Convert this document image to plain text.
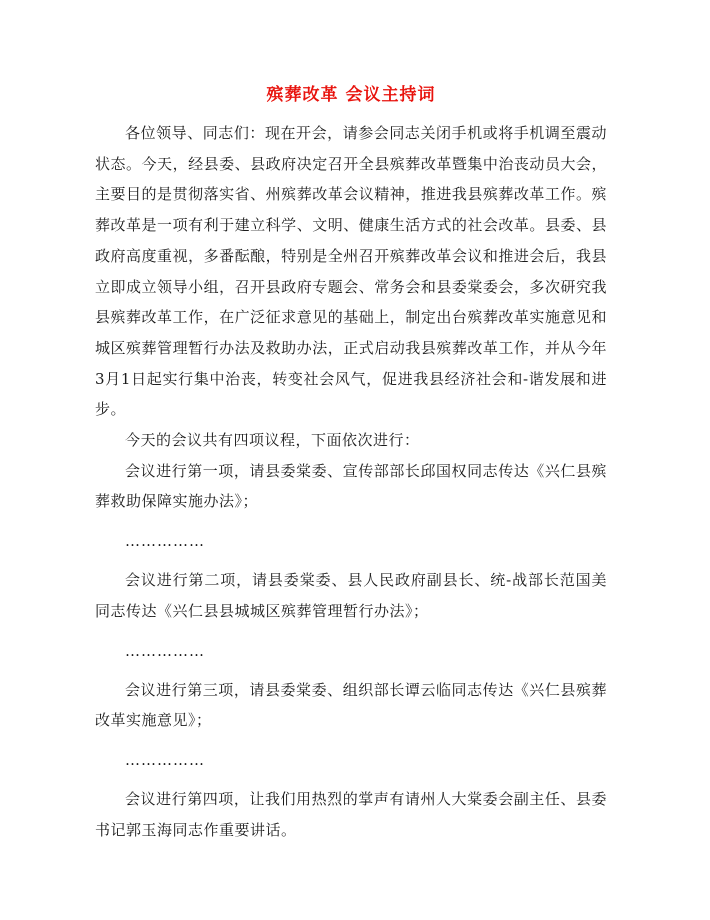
殡葬改革 会议主持词

各位领导、同志们：现在开会，请参会同志关闭手机或将手机调至震动状态。今天，经县委、县政府决定召开全县殡葬改革暨集中治丧动员大会，主要目的是贯彻落实省、州殡葬改革会议精神，推进我县殡葬改革工作。殡葬改革是一项有利于建立科学、文明、健康生活方式的社会改革。县委、县政府高度重视，多番酝酿，特别是全州召开殡葬改革会议和推进会后，我县立即成立领导小组，召开县政府专题会、常务会和县委棠委会，多次研究我县殡葬改革工作，在广泛征求意见的基础上，制定出台殡葬改革实施意见和城区殡葬管理暂行办法及救助办法，正式启动我县殡葬改革工作，并从今年3月1日起实行集中治丧，转变社会风气，促进我县经济社会和-谐发展和进步。

今天的会议共有四项议程，下面依次进行：

会议进行第一项，请县委棠委、宣传部部长邱国权同志传达《兴仁县殡葬救助保障实施办法》；

……………

会议进行第二项，请县委棠委、县人民政府副县长、统-战部长范国美同志传达《兴仁县县城城区殡葬管理暂行办法》；

……………

会议进行第三项，请县委棠委、组织部长谭云临同志传达《兴仁县殡葬改革实施意见》；

……………

会议进行第四项，让我们用热烈的掌声有请州人大棠委会副主任、县委书记郭玉海同志作重要讲话。
